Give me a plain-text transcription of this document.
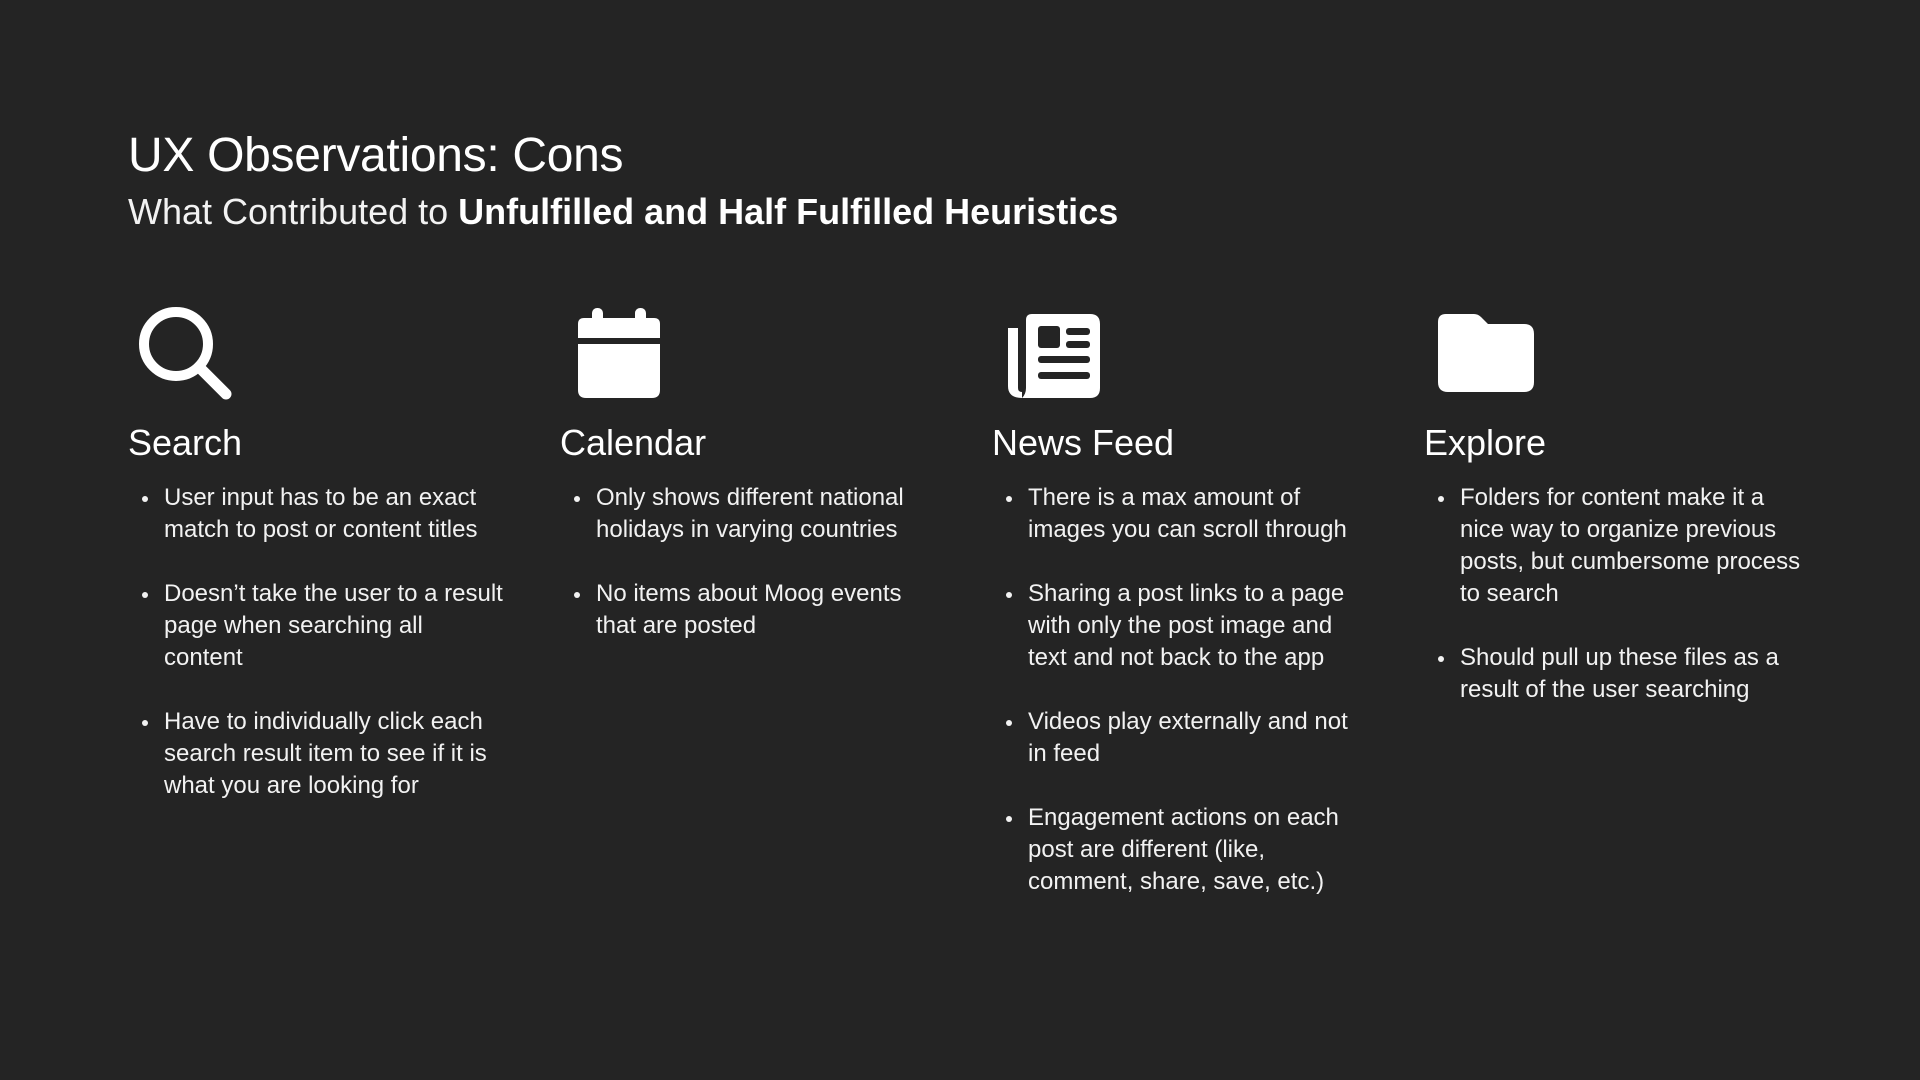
UX Observations: Cons
What Contributed to Unfulfilled and Half Fulfilled Heuristics
Search
User input has to be an exact match to post or content titles
Doesn’t take the user to a result page when searching all content
Have to individually click each search result item to see if it is what you are looking for
Calendar
Only shows different national holidays in varying countries
No items about Moog events that are posted
News Feed
There is a max amount of images you can scroll through
Sharing a post links to a page with only the post image and text and not back to the app
Videos play externally and not in feed
Engagement actions on each post are different (like, comment, share, save, etc.)
Explore
Folders for content make it a nice way to organize previous posts, but cumbersome process to search
Should pull up these files as a result of the user searching
